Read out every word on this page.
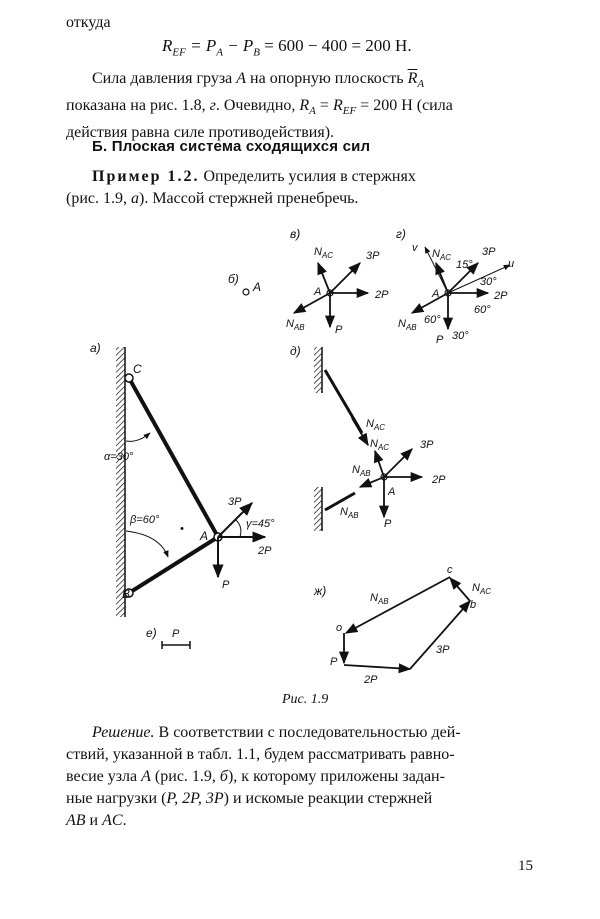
откуда
$R_{EF} = P_A - P_B = 600 - 400 = 200$ Н.
Сила давления груза A на опорную плоскость $\overline{R}_A$
показана на рис. 1.8, г. Очевидно, $R_A = R_{EF} = 200$ Н (сила
действия равна силе противодействия).
Б. Плоская система сходящихся сил
Пример 1.2. Определить усилия в стержнях
(рис. 1.9, а). Массой стержней пренебречь.
а)
C
B
A
•
α=30°
β=60°
3P
2P
P
γ=45°
б)
A
в)
$N_{AC}$	3P
2P
P
$N_{AB}$
A
г)
v
u
$N_{AC}$	3P
2P
P
$N_{AB}$
A
15°
30°
60°
60°
30°
д)
$N_{AC}$
$N_{AB}$
$N_{AC}$	3P
2P
P
$N_{AB}$
A
е) P
ж)
P
2P
3P
$N_{AC}$
$N_{AB}$
o
c
b
Рис. 1.9
Решение. В соответствии с последовательностью дей-
ствий, указанной в табл. 1.1, будем рассматривать равно-
весие узла A (рис. 1.9, б), к которому приложены задан-
ные нагрузки (P, 2P, 3P) и искомые реакции стержней
AB и AC.
15
